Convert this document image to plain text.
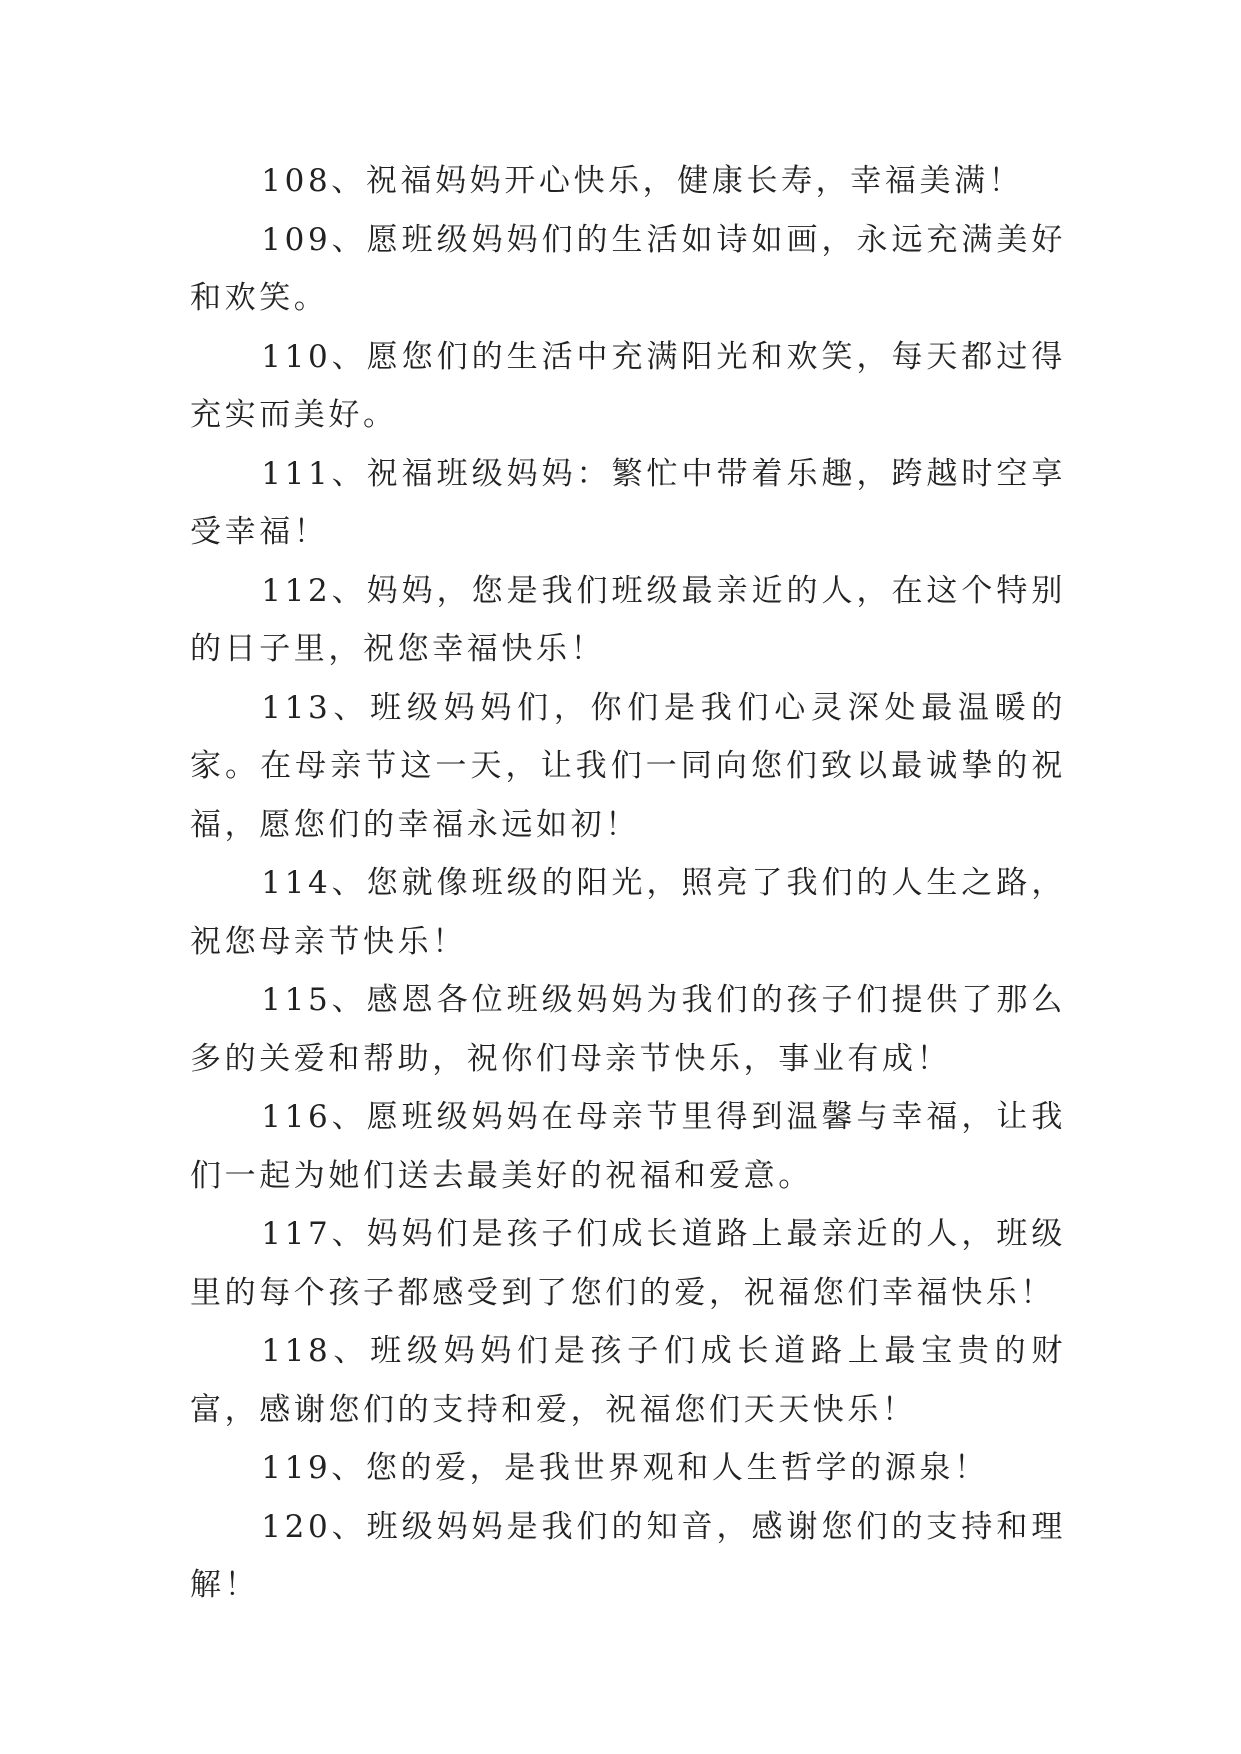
108、祝福妈妈开心快乐，健康长寿，幸福美满！

109、愿班级妈妈们的生活如诗如画，永远充满美好和欢笑。

110、愿您们的生活中充满阳光和欢笑，每天都过得充实而美好。

111、祝福班级妈妈：繁忙中带着乐趣，跨越时空享受幸福！

112、妈妈，您是我们班级最亲近的人，在这个特别的日子里，祝您幸福快乐！

113、班级妈妈们，你们是我们心灵深处最温暖的家。在母亲节这一天，让我们一同向您们致以最诚挚的祝福，愿您们的幸福永远如初！

114、您就像班级的阳光，照亮了我们的人生之路，祝您母亲节快乐！

115、感恩各位班级妈妈为我们的孩子们提供了那么多的关爱和帮助，祝你们母亲节快乐，事业有成！

116、愿班级妈妈在母亲节里得到温馨与幸福，让我们一起为她们送去最美好的祝福和爱意。

117、妈妈们是孩子们成长道路上最亲近的人，班级里的每个孩子都感受到了您们的爱，祝福您们幸福快乐！

118、班级妈妈们是孩子们成长道路上最宝贵的财富，感谢您们的支持和爱，祝福您们天天快乐！

119、您的爱，是我世界观和人生哲学的源泉！

120、班级妈妈是我们的知音，感谢您们的支持和理解！
